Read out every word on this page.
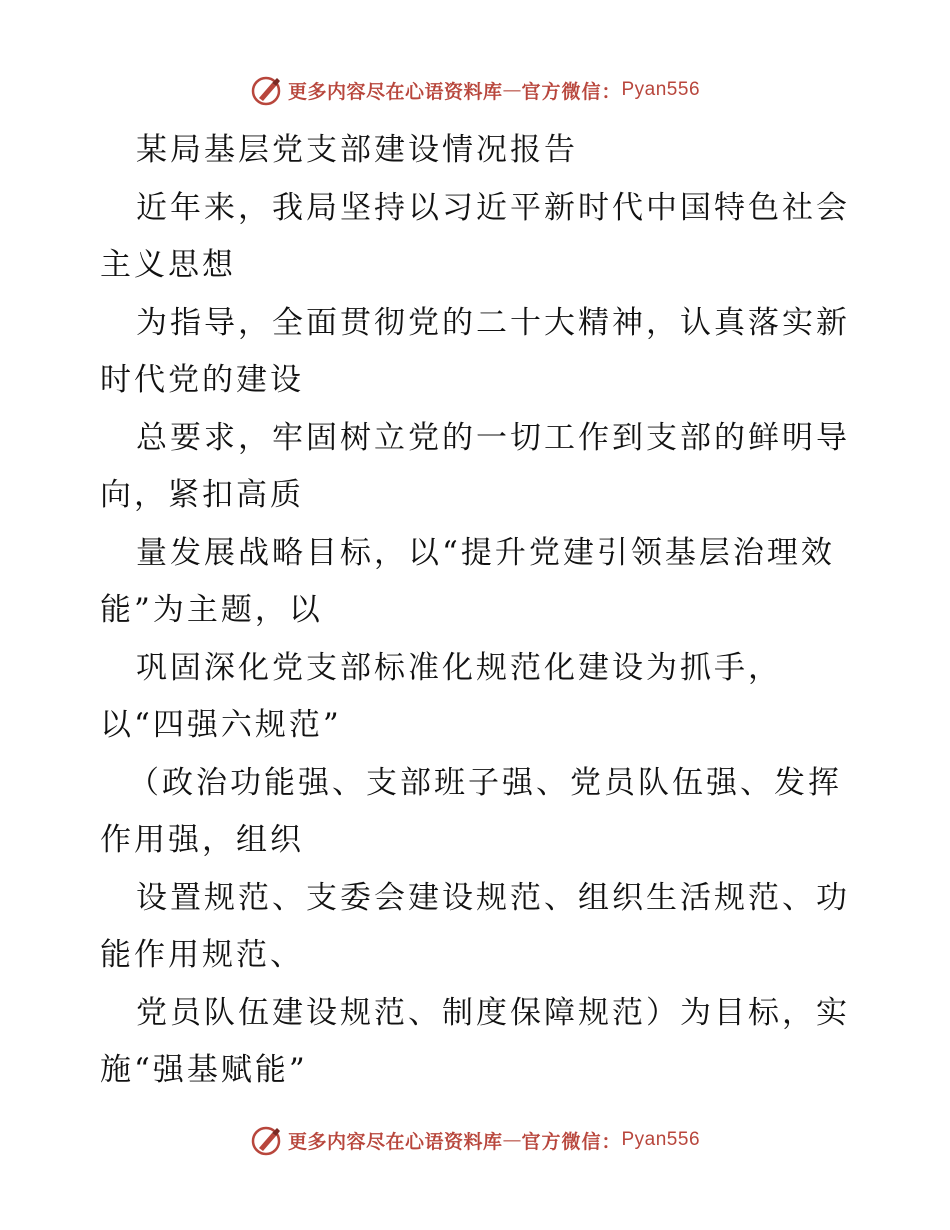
更多内容尽在心语资料库 — 官方微信： Pyan556
某局基层党支部建设情况报告
近年来，我局坚持以习近平新时代中国特色社会
主义思想
为指导，全面贯彻党的二十大精神，认真落实新
时代党的建设
总要求，牢固树立党的一切工作到支部的鲜明导
向，紧扣高质
量发展战略目标，以“提升党建引领基层治理效
能”为主题，以
巩固深化党支部标准化规范化建设为抓手，
以“四强六规范”
（政治功能强、支部班子强、党员队伍强、发挥
作用强，组织
设置规范、支委会建设规范、组织生活规范、功
能作用规范、
党员队伍建设规范、制度保障规范）为目标，实
施“强基赋能”
更多内容尽在心语资料库 — 官方微信： Pyan556
